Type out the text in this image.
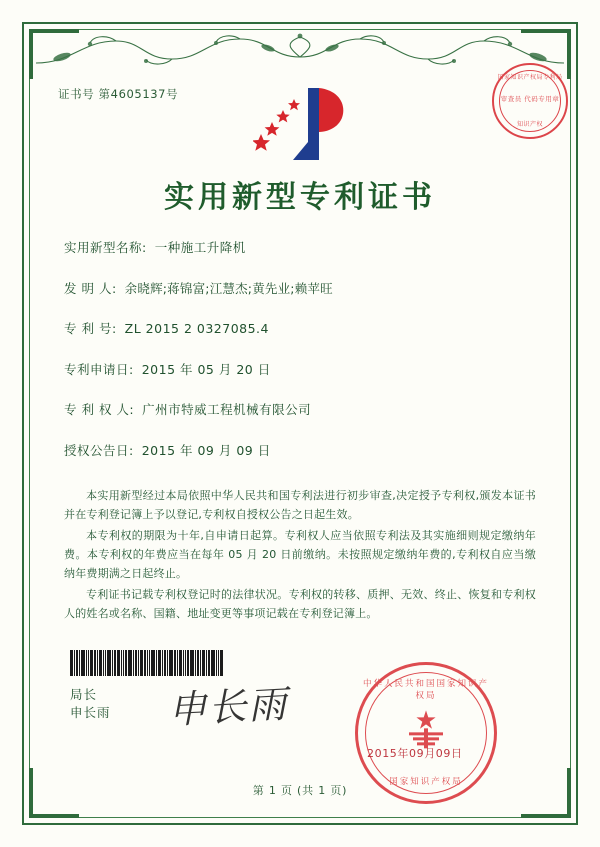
证书号 第4605137号
国家知识产权局专利局
审查员 代码专用章
知识产权
实用新型专利证书
实用新型名称: 一种施工升降机
发 明 人: 余晓辉;蒋锦富;江慧杰;黄先业;赖苹旺
专 利 号: ZL 2015 2 0327085.4
专利申请日: 2015 年 05 月 20 日
专 利 权 人: 广州市特威工程机械有限公司
授权公告日: 2015 年 09 月 09 日

本实用新型经过本局依照中华人民共和国专利法进行初步审查,决定授予专利权,颁发本证书并在专利登记簿上予以登记,专利权自授权公告之日起生效。

本专利权的期限为十年,自申请日起算。专利权人应当依照专利法及其实施细则规定缴纳年费。本专利权的年费应当在每年 05 月 20 日前缴纳。未按照规定缴纳年费的,专利权自应当缴纳年费期满之日起终止。

专利证书记载专利权登记时的法律状况。专利权的转移、质押、无效、终止、恢复和专利权人的姓名或名称、国籍、地址变更等事项记载在专利登记簿上。

局长
申长雨 申长雨	中华人民共和国国家知识产权局
国家知识产权局
2015年09月09日
第 1 页 (共 1 页)
